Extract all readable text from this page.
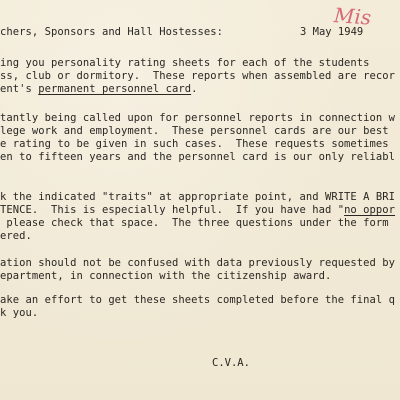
Mis
chers, Sponsors and Hall Hostesses:	3 May 1949
ing you personality rating sheets for each of the students
ss, club or dormitory.  These reports when assembled are recor
ent's permanent personnel card.
tantly being called upon for personnel reports in connection w
lege work and employment.  These personnel cards are our best
e rating to be given in such cases.  These requests sometimes
en to fifteen years and the personnel card is our only reliabl
k the indicated "traits" at appropriate point, and WRITE A BRI
TENCE.  This is especially helpful.  If you have had "no oppor
please check that space.  The three questions under the form
ered.
ation should not be confused with data previously requested by
epartment, in connection with the citizenship award.
ake an effort to get these sheets completed before the final q
k you.
C.V.A.
